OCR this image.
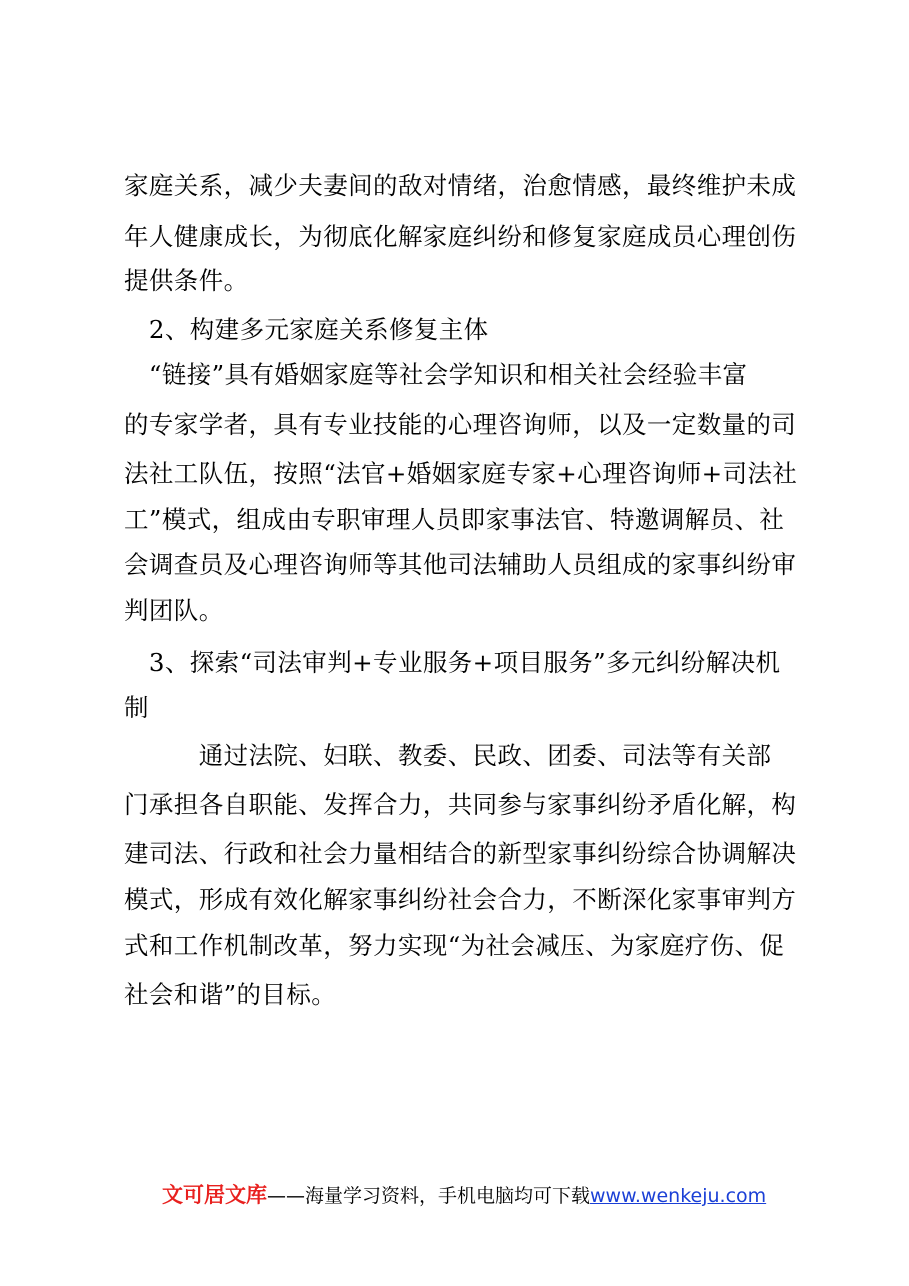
家庭关系，减少夫妻间的敌对情绪，治愈情感，最终维护未成
年人健康成长，为彻底化解家庭纠纷和修复家庭成员心理创伤
提供条件。
　2、构建多元家庭关系修复主体
　“链接”具有婚姻家庭等社会学知识和相关社会经验丰富
的专家学者，具有专业技能的心理咨询师，以及一定数量的司
法社工队伍，按照“法官+婚姻家庭专家+心理咨询师+司法社
工”模式，组成由专职审理人员即家事法官、特邀调解员、社
会调查员及心理咨询师等其他司法辅助人员组成的家事纠纷审
判团队。
　3、探索“司法审判+专业服务+项目服务”多元纠纷解决机
制
　　　通过法院、妇联、教委、民政、团委、司法等有关部
门承担各自职能、发挥合力，共同参与家事纠纷矛盾化解，构
建司法、行政和社会力量相结合的新型家事纠纷综合协调解决
模式，形成有效化解家事纠纷社会合力，不断深化家事审判方
式和工作机制改革，努力实现“为社会减压、为家庭疗伤、促
社会和谐”的目标。
文可居文库——海量学习资料，手机电脑均可下载www.wenkeju.com
